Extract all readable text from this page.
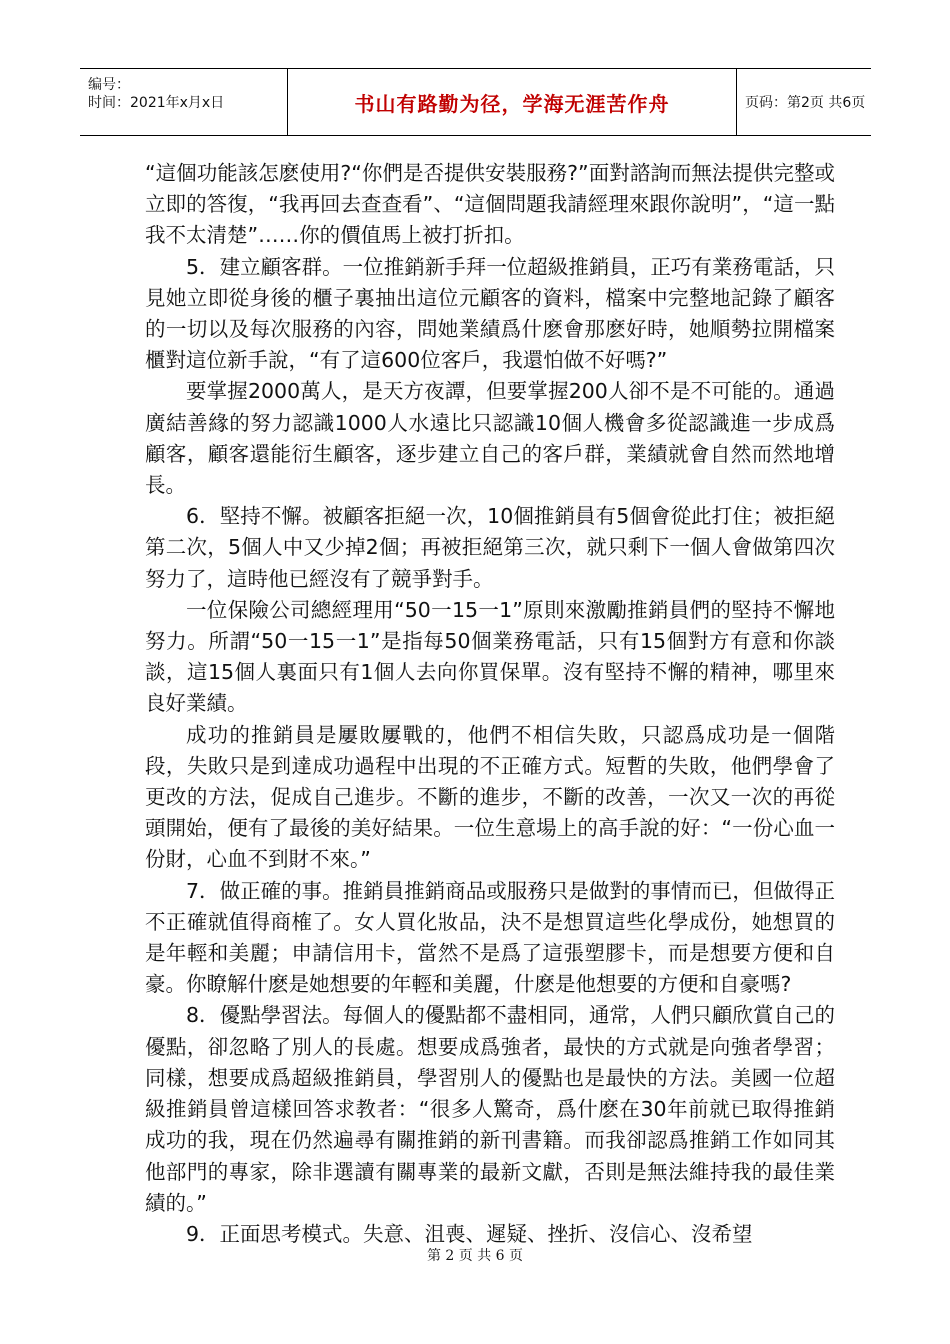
编号：
时间：2021年x月x日	书山有路勤为径，学海无涯苦作舟	页码：第2页 共6页

“這個功能該怎麽使用?“你們是否提供安裝服務?”面對諮詢而無法提供完整或立即的答復，“我再回去查查看”、“這個問題我請經理來跟你說明”，“這一點我不太清楚”……你的價值馬上被打折扣。

5．建立顧客群。一位推銷新手拜一位超級推銷員，正巧有業務電話，只見她立即從身後的櫃子裏抽出這位元顧客的資料，檔案中完整地記錄了顧客的一切以及每次服務的內容，問她業績爲什麽會那麽好時，她順勢拉開檔案櫃對這位新手說，“有了這600位客戶，我還怕做不好嗎?”

要掌握2000萬人，是天方夜譚，但要掌握200人卻不是不可能的。通過廣結善緣的努力認識1000人水遠比只認識10個人機會多從認識進一步成爲顧客，顧客還能衍生顧客，逐步建立自己的客戶群，業績就會自然而然地增長。

6．堅持不懈。被顧客拒絕一次，10個推銷員有5個會從此打住；被拒絕第二次，5個人中又少掉2個；再被拒絕第三次，就只剩下一個人會做第四次努力了，這時他已經沒有了競爭對手。

一位保險公司總經理用“50一15一1”原則來激勵推銷員們的堅持不懈地努力。所謂“50一15一1”是指每50個業務電話，只有15個對方有意和你談談，這15個人裏面只有1個人去向你買保單。沒有堅持不懈的精神，哪里來良好業績。

成功的推銷員是屢敗屢戰的，他們不相信失敗，只認爲成功是一個階段，失敗只是到達成功過程中出現的不正確方式。短暫的失敗，他們學會了更改的方法，促成自己進步。不斷的進步，不斷的改善，一次又一次的再從頭開始，便有了最後的美好結果。一位生意場上的高手說的好：“一份心血一份財，心血不到財不來。”

7．做正確的事。推銷員推銷商品或服務只是做對的事情而已，但做得正不正確就值得商榷了。女人買化妝品，決不是想買這些化學成份，她想買的是年輕和美麗；申請信用卡，當然不是爲了這張塑膠卡，而是想要方便和自豪。你瞭解什麽是她想要的年輕和美麗，什麽是他想要的方便和自豪嗎?

8．優點學習法。每個人的優點都不盡相同，通常，人們只顧欣賞自己的優點，卻忽略了別人的長處。想要成爲強者，最快的方式就是向強者學習；同樣，想要成爲超級推銷員，學習別人的優點也是最快的方法。美國一位超級推銷員曾這樣回答求教者：“很多人驚奇，爲什麽在30年前就已取得推銷成功的我，現在仍然遍尋有關推銷的新刊書籍。而我卻認爲推銷工作如同其他部門的專家，除非選讀有關專業的最新文獻，否則是無法維持我的最佳業績的。”

9．正面思考模式。失意、沮喪、遲疑、挫折、沒信心、沒希望

第 2 页 共 6 页
